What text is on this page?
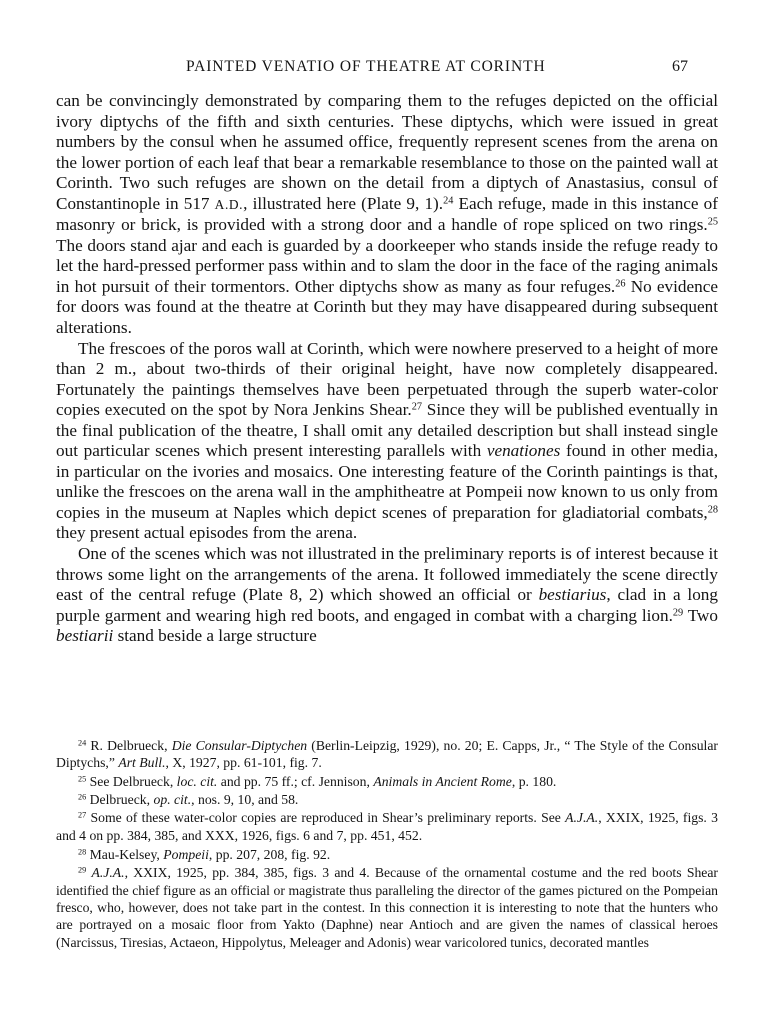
PAINTED VENATIO OF THEATRE AT CORINTH	67

can be convincingly demonstrated by comparing them to the refuges depicted on the official ivory diptychs of the fifth and sixth centuries. These diptychs, which were issued in great numbers by the consul when he assumed office, frequently represent scenes from the arena on the lower portion of each leaf that bear a remarkable resemblance to those on the painted wall at Corinth. Two such refuges are shown on the detail from a diptych of Anastasius, consul of Constantinople in 517 A.D., illustrated here (Plate 9, 1).$^{24}$ Each refuge, made in this instance of masonry or brick, is provided with a strong door and a handle of rope spliced on two rings.$^{25}$ The doors stand ajar and each is guarded by a doorkeeper who stands inside the refuge ready to let the hard-pressed performer pass within and to slam the door in the face of the raging animals in hot pursuit of their tormentors. Other diptychs show as many as four refuges.$^{26}$ No evidence for doors was found at the theatre at Corinth but they may have disappeared during subsequent alterations.

The frescoes of the poros wall at Corinth, which were nowhere preserved to a height of more than 2 m., about two-thirds of their original height, have now completely disappeared. Fortunately the paintings themselves have been perpetuated through the superb water-color copies executed on the spot by Nora Jenkins Shear.$^{27}$ Since they will be published eventually in the final publication of the theatre, I shall omit any detailed description but shall instead single out particular scenes which present interesting parallels with venationes found in other media, in particular on the ivories and mosaics. One interesting feature of the Corinth paintings is that, unlike the frescoes on the arena wall in the amphitheatre at Pompeii now known to us only from copies in the museum at Naples which depict scenes of preparation for gladiatorial combats,$^{28}$ they present actual episodes from the arena.

One of the scenes which was not illustrated in the preliminary reports is of interest because it throws some light on the arrangements of the arena. It followed immediately the scene directly east of the central refuge (Plate 8, 2) which showed an official or bestiarius, clad in a long purple garment and wearing high red boots, and engaged in combat with a charging lion.$^{29}$ Two bestiarii stand beside a large structure

$^{24}$ R. Delbrueck, Die Consular-Diptychen (Berlin-Leipzig, 1929), no. 20; E. Capps, Jr., “ The Style of the Consular Diptychs,” Art Bull., X, 1927, pp. 61-101, fig. 7.

$^{25}$ See Delbrueck, loc. cit. and pp. 75 ff.; cf. Jennison, Animals in Ancient Rome, p. 180.

$^{26}$ Delbrueck, op. cit., nos. 9, 10, and 58.

$^{27}$ Some of these water-color copies are reproduced in Shear’s preliminary reports. See A.J.A., XXIX, 1925, figs. 3 and 4 on pp. 384, 385, and XXX, 1926, figs. 6 and 7, pp. 451, 452.

$^{28}$ Mau-Kelsey, Pompeii, pp. 207, 208, fig. 92.

$^{29}$ A.J.A., XXIX, 1925, pp. 384, 385, figs. 3 and 4. Because of the ornamental costume and the red boots Shear identified the chief figure as an official or magistrate thus paralleling the director of the games pictured on the Pompeian fresco, who, however, does not take part in the contest. In this connection it is interesting to note that the hunters who are portrayed on a mosaic floor from Yakto (Daphne) near Antioch and are given the names of classical heroes (Narcissus, Tiresias, Actaeon, Hippolytus, Meleager and Adonis) wear varicolored tunics, decorated mantles
